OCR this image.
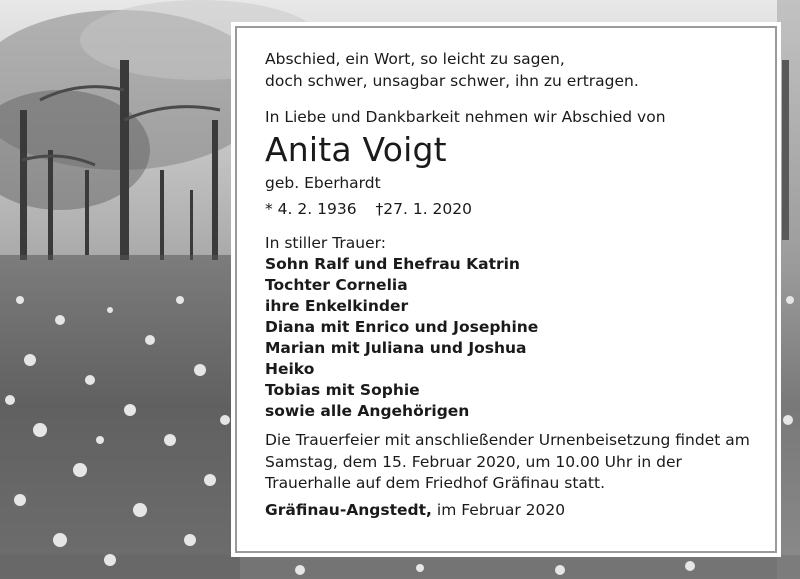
Abschied, ein Wort, so leicht zu sagen,
doch schwer, unsagbar schwer, ihn zu ertragen.
In Liebe und Dankbarkeit nehmen wir Abschied von
Anita Voigt
geb. Eberhardt
* 4. 2. 1936 †27. 1. 2020
In stiller Trauer:
Sohn Ralf und Ehefrau Katrin
Tochter Cornelia
ihre Enkelkinder
Diana mit Enrico und Josephine
Marian mit Juliana und Joshua
Heiko
Tobias mit Sophie
sowie alle Angehörigen
Die Trauerfeier mit anschließender Urnenbeisetzung findet am
Samstag, dem 15. Februar 2020, um 10.00 Uhr in der
Trauerhalle auf dem Friedhof Gräfinau statt.
Gräfinau-Angstedt, im Februar 2020
